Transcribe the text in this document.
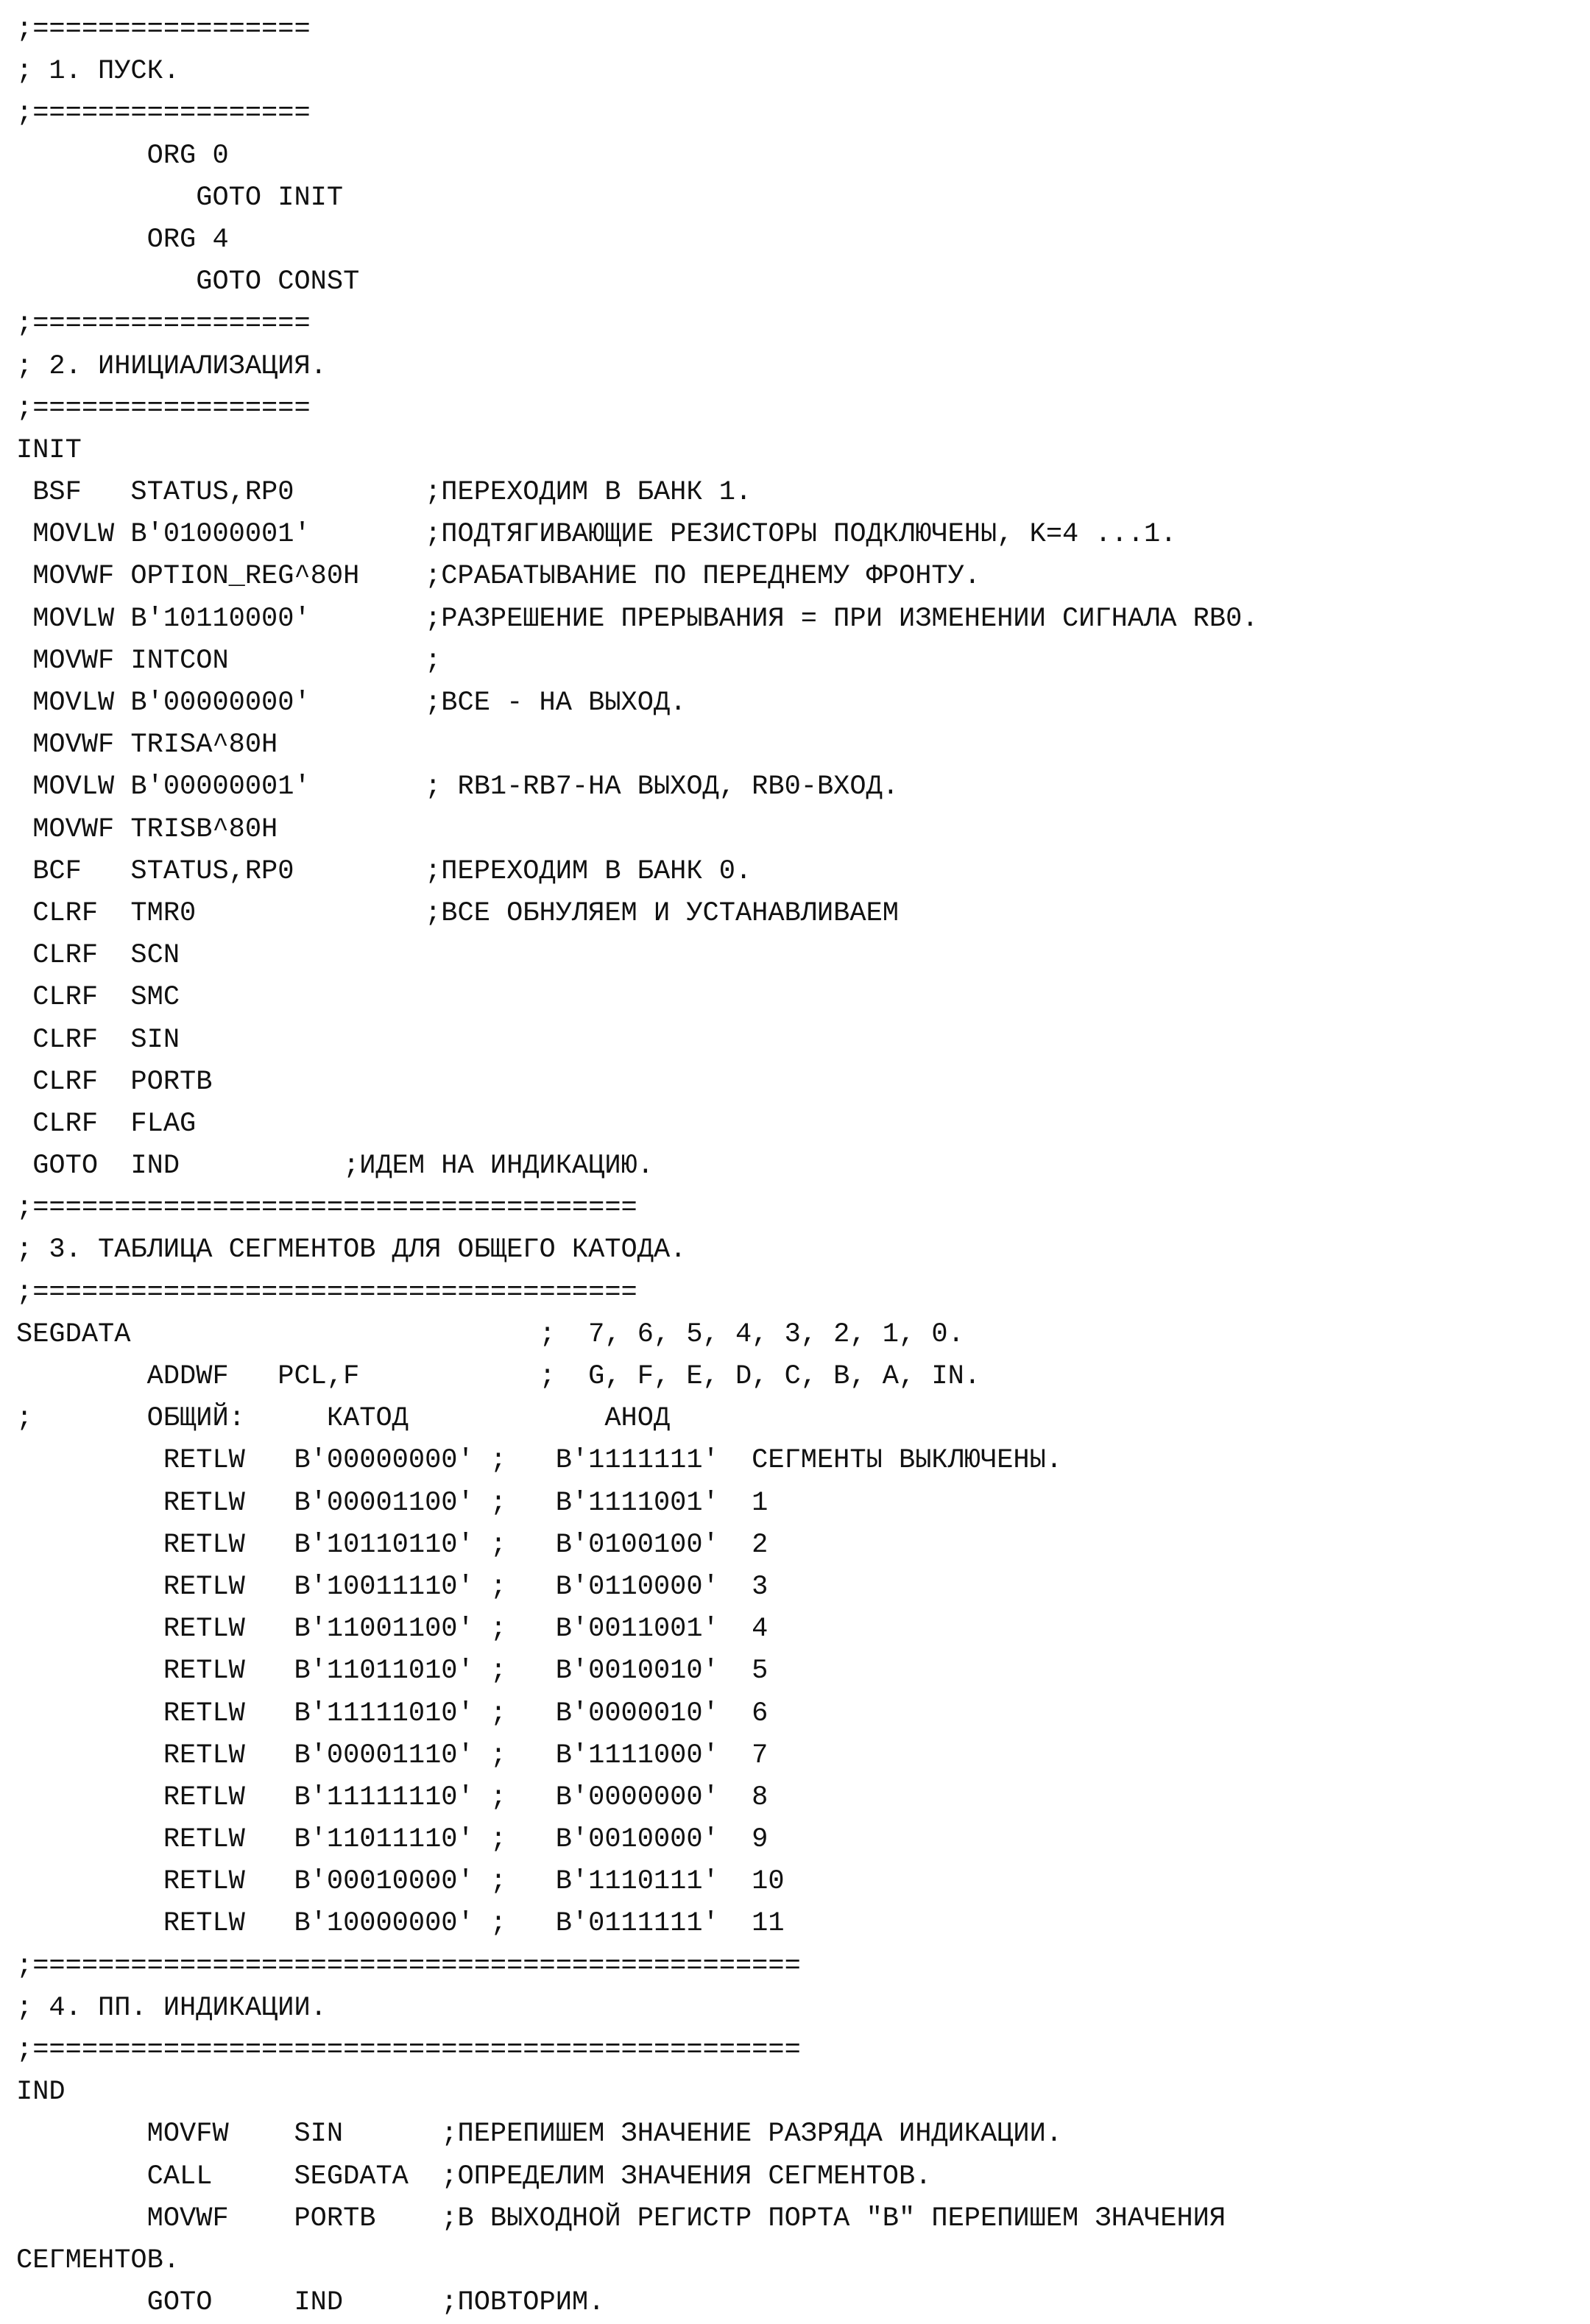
;=================
; 1. ПУСК.
;=================
ORG 0
GOTO INIT
ORG 4
GOTO CONST
;=================
; 2. ИНИЦИАЛИЗАЦИЯ.
;=================
INIT
BSF   STATUS,RP0        ;ПЕРЕХОДИМ В БАНК 1.
MOVLW B'01000001'       ;ПОДТЯГИВАЮЩИЕ РЕЗИСТОРЫ ПОДКЛЮЧЕНЫ, K=4 ...1.
MOVWF OPTION_REG^80H    ;СРАБАТЫВАНИЕ ПО ПЕРЕДНЕМУ ФРОНТУ.
MOVLW B'10110000'       ;РАЗРЕШЕНИЕ ПРЕРЫВАНИЯ = ПРИ ИЗМЕНЕНИИ СИГНАЛА RB0.
MOVWF INTCON            ;
MOVLW B'00000000'       ;ВСЕ - НА ВЫХОД.
MOVWF TRISA^80H
MOVLW B'00000001'       ; RB1-RB7-НА ВЫХОД, RB0-ВХОД.
MOVWF TRISB^80H
BCF   STATUS,RP0        ;ПЕРЕХОДИМ В БАНК 0.
CLRF  TMR0              ;ВСЕ ОБНУЛЯЕМ И УСТАНАВЛИВАЕМ
CLRF  SCN
CLRF  SMC
CLRF  SIN
CLRF  PORTB
CLRF  FLAG
GOTO  IND          ;ИДЕМ НА ИНДИКАЦИЮ.
;=====================================
; 3. ТАБЛИЦА СЕГМЕНТОВ ДЛЯ ОБЩЕГО КАТОДА.
;=====================================
SEGDATA                         ;  7, 6, 5, 4, 3, 2, 1, 0.
ADDWF   PCL,F           ;  G, F, E, D, C, B, A, IN.
;       ОБЩИЙ:     КАТОД            АНОД
RETLW   B'00000000' ;   B'1111111'  СЕГМЕНТЫ ВЫКЛЮЧЕНЫ.
RETLW   B'00001100' ;   B'1111001'  1
RETLW   B'10110110' ;   B'0100100'  2
RETLW   B'10011110' ;   B'0110000'  3
RETLW   B'11001100' ;   B'0011001'  4
RETLW   B'11011010' ;   B'0010010'  5
RETLW   B'11111010' ;   B'0000010'  6
RETLW   B'00001110' ;   B'1111000'  7
RETLW   B'11111110' ;   B'0000000'  8
RETLW   B'11011110' ;   B'0010000'  9
RETLW   B'00010000' ;   B'1110111'  10
RETLW   B'10000000' ;   B'0111111'  11
;===============================================
; 4. ПП. ИНДИКАЦИИ.
;===============================================
IND
MOVFW    SIN      ;ПЕРЕПИШЕМ ЗНАЧЕНИЕ РАЗРЯДА ИНДИКАЦИИ.
CALL     SEGDATA  ;ОПРЕДЕЛИМ ЗНАЧЕНИЯ СЕГМЕНТОВ.
MOVWF    PORTB    ;В ВЫХОДНОЙ РЕГИСТР ПОРТА "В" ПЕРЕПИШЕМ ЗНАЧЕНИЯ
СЕГМЕНТОВ.
GOTO     IND      ;ПОВТОРИМ.
